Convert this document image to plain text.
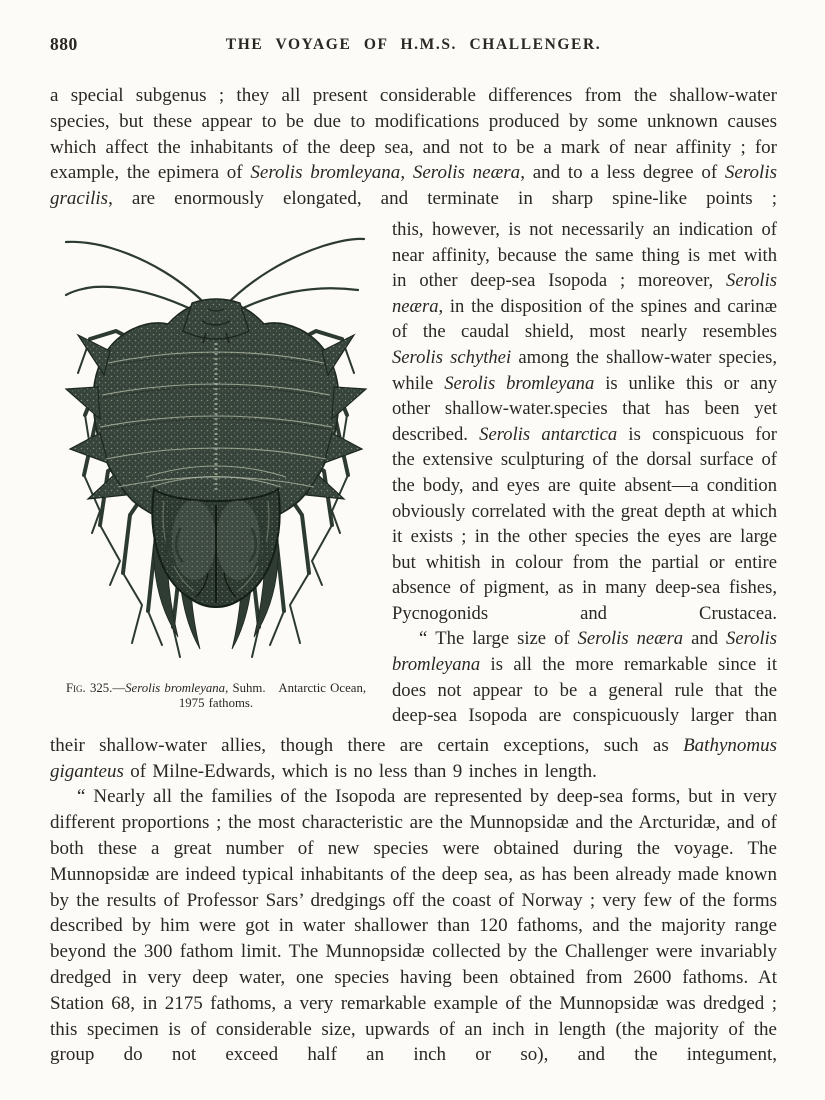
880	THE VOYAGE OF H.M.S. CHALLENGER.

a special subgenus ; they all present considerable differences from the shallow-water species, but these appear to be due to modifications produced by some unknown causes which affect the inhabitants of the deep sea, and not to be a mark of near affinity ; for example, the epimera of Serolis bromleyana, Serolis neæra, and to a less degree of Serolis gracilis, are enormously elongated, and terminate in sharp spine-like points ;

Fig. 325.—Serolis bromleyana, Suhm. Antarctic Ocean, 1975 fathoms.

this, however, is not necessarily an indication of near affinity, because the same thing is met with in other deep-sea Isopoda ; moreover, Serolis neæra, in the disposition of the spines and carinæ of the caudal shield, most nearly resembles Serolis schythei among the shallow-water species, while Serolis bromleyana is unlike this or any other shallow-water.species that has been yet described. Serolis antarctica is conspicuous for the extensive sculpturing of the dorsal surface of the body, and eyes are quite absent—a condition obviously correlated with the great depth at which it exists ; in the other species the eyes are large but whitish in colour from the partial or entire absence of pigment, as in many deep-sea fishes, Pycnogonids and Crustacea.

“ The large size of Serolis neæra and Serolis bromleyana is all the more remarkable since it does not appear to be a general rule that the deep-sea Isopoda are conspicuously larger than

their shallow-water allies, though there are certain exceptions, such as Bathynomus giganteus of Milne-Edwards, which is no less than 9 inches in length.

“ Nearly all the families of the Isopoda are represented by deep-sea forms, but in very different proportions ; the most characteristic are the Munnopsidæ and the Arcturidæ, and of both these a great number of new species were obtained during the voyage. The Munnopsidæ are indeed typical inhabitants of the deep sea, as has been already made known by the results of Professor Sars’ dredgings off the coast of Norway ; very few of the forms described by him were got in water shallower than 120 fathoms, and the majority range beyond the 300 fathom limit. The Munnopsidæ collected by the Challenger were invariably dredged in very deep water, one species having been obtained from 2600 fathoms. At Station 68, in 2175 fathoms, a very remarkable example of the Munnopsidæ was dredged ; this specimen is of considerable size, upwards of an inch in length (the majority of the group do not exceed half an inch or so), and the integument,
